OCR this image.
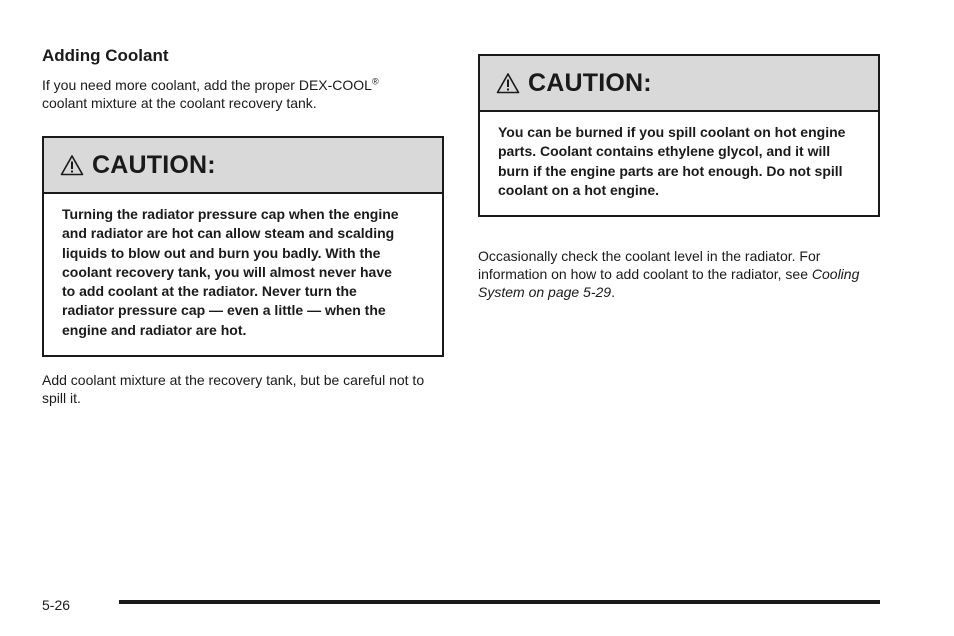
Adding Coolant

If you need more coolant, add the proper DEX-COOL®
coolant mixture at the coolant recovery tank.

CAUTION:
Turning the radiator pressure cap when the engine and radiator are hot can allow steam and scalding liquids to blow out and burn you badly. With the coolant recovery tank, you will almost never have to add coolant at the radiator. Never turn the radiator pressure cap — even a little — when the engine and radiator are hot.

Add coolant mixture at the recovery tank, but be careful not to spill it.

CAUTION:
You can be burned if you spill coolant on hot engine parts. Coolant contains ethylene glycol, and it will burn if the engine parts are hot enough. Do not spill coolant on a hot engine.

Occasionally check the coolant level in the radiator. For information on how to add coolant to the radiator, see Cooling System on page 5-29.

5-26
